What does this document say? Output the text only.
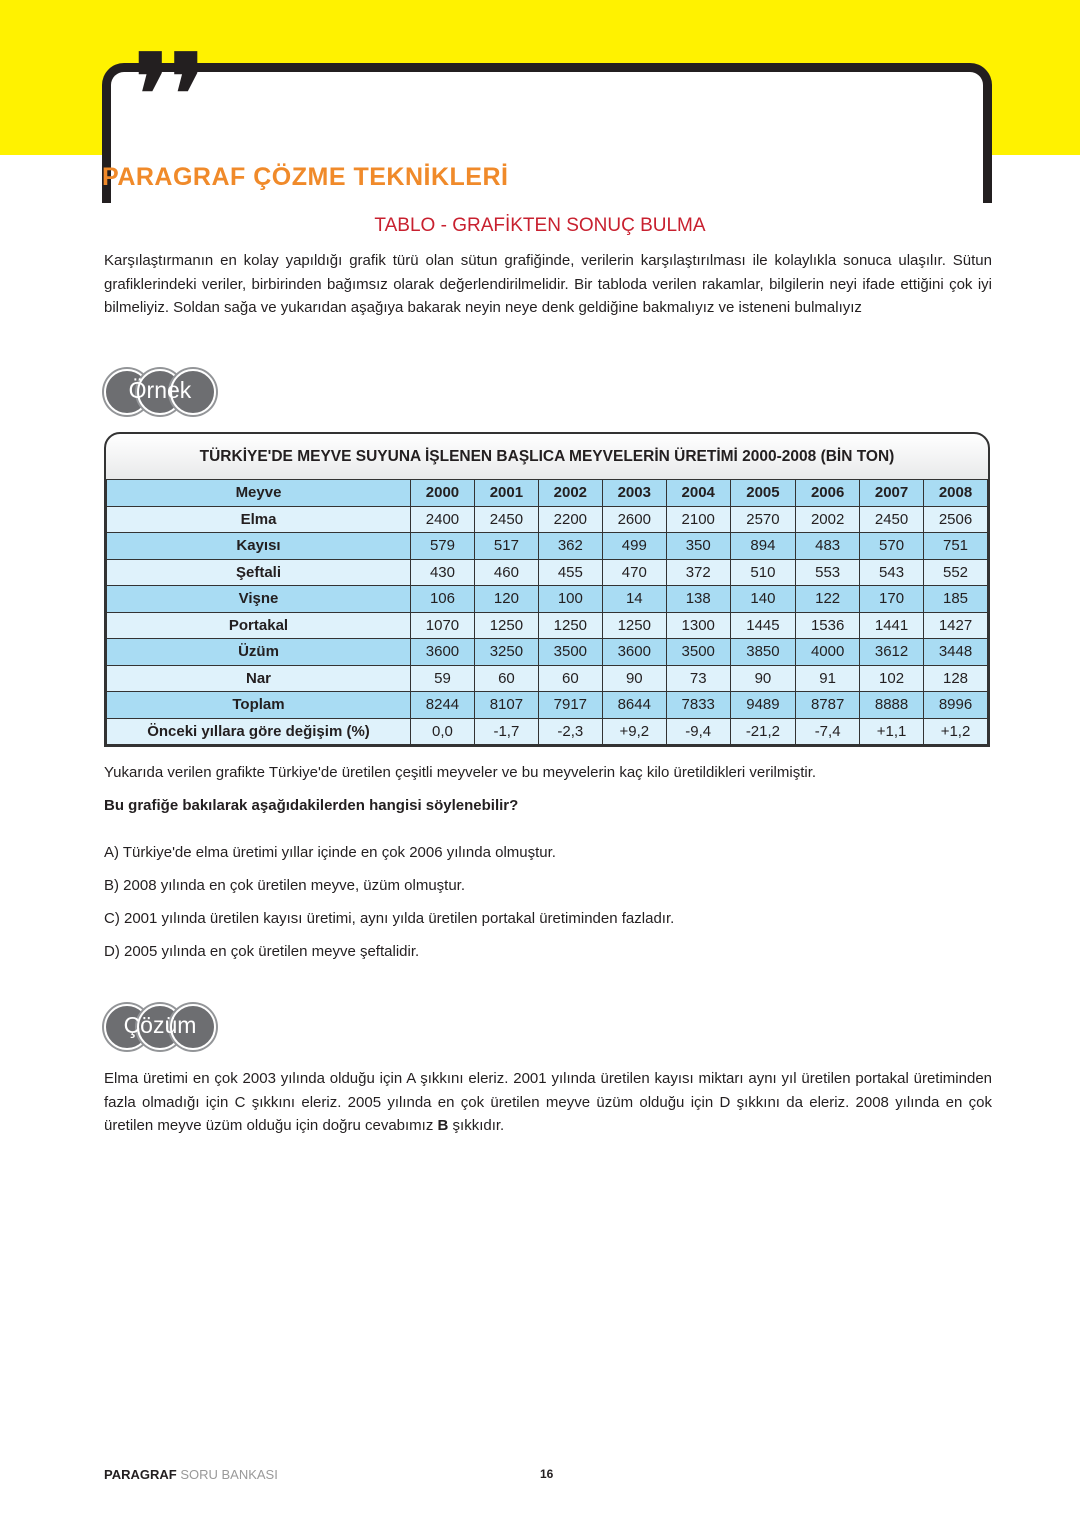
❜❜
PARAGRAF ÇÖZME TEKNİKLERİ
TABLO - GRAFİKTEN SONUÇ BULMA
Karşılaştırmanın en kolay yapıldığı grafik türü olan sütun grafiğinde, verilerin karşılaştırılması ile kolaylıkla sonuca ulaşılır. Sütun grafiklerindeki veriler, birbirinden bağımsız olarak değerlendirilmelidir. Bir tabloda verilen rakamlar, bilgilerin neyi ifade ettiğini çok iyi bilmeliyiz. Soldan sağa ve yukarıdan aşağıya bakarak neyin neye denk geldiğine bakmalıyız ve isteneni bulmalıyız
Örnek
TÜRKİYE'DE MEYVE SUYUNA İŞLENEN BAŞLICA MEYVELERİN ÜRETİMİ 2000-2008 (BİN TON)
Meyve	2000	2001	2002	2003	2004	2005	2006	2007	2008
Elma	2400	2450	2200	2600	2100	2570	2002	2450	2506
Kayısı	579	517	362	499	350	894	483	570	751
Şeftali	430	460	455	470	372	510	553	543	552
Vişne	106	120	100	14	138	140	122	170	185
Portakal	1070	1250	1250	1250	1300	1445	1536	1441	1427
Üzüm	3600	3250	3500	3600	3500	3850	4000	3612	3448
Nar	59	60	60	90	73	90	91	102	128
Toplam	8244	8107	7917	8644	7833	9489	8787	8888	8996
Önceki yıllara göre değişim (%)	0,0	-1,7	-2,3	+9,2	-9,4	-21,2	-7,4	+1,1	+1,2
Yukarıda verilen grafikte Türkiye'de üretilen çeşitli meyveler ve bu meyvelerin kaç kilo üretildikleri verilmiştir.
Bu grafiğe bakılarak aşağıdakilerden hangisi söylenebilir?
A) Türkiye'de elma üretimi yıllar içinde en çok 2006 yılında olmuştur.
B) 2008 yılında en çok üretilen meyve, üzüm olmuştur.
C) 2001 yılında üretilen kayısı üretimi, aynı yılda üretilen portakal üretiminden fazladır.
D) 2005 yılında en çok üretilen meyve şeftalidir.
Çözüm
Elma üretimi en çok 2003 yılında olduğu için A şıkkını eleriz. 2001 yılında üretilen kayısı miktarı aynı yıl üretilen portakal üretiminden fazla olmadığı için C şıkkını eleriz. 2005 yılında en çok üretilen meyve üzüm olduğu için D şıkkını da eleriz. 2008 yılında en çok üretilen meyve üzüm olduğu için doğru cevabımız B şıkkıdır.
PARAGRAF SORU BANKASI	16
